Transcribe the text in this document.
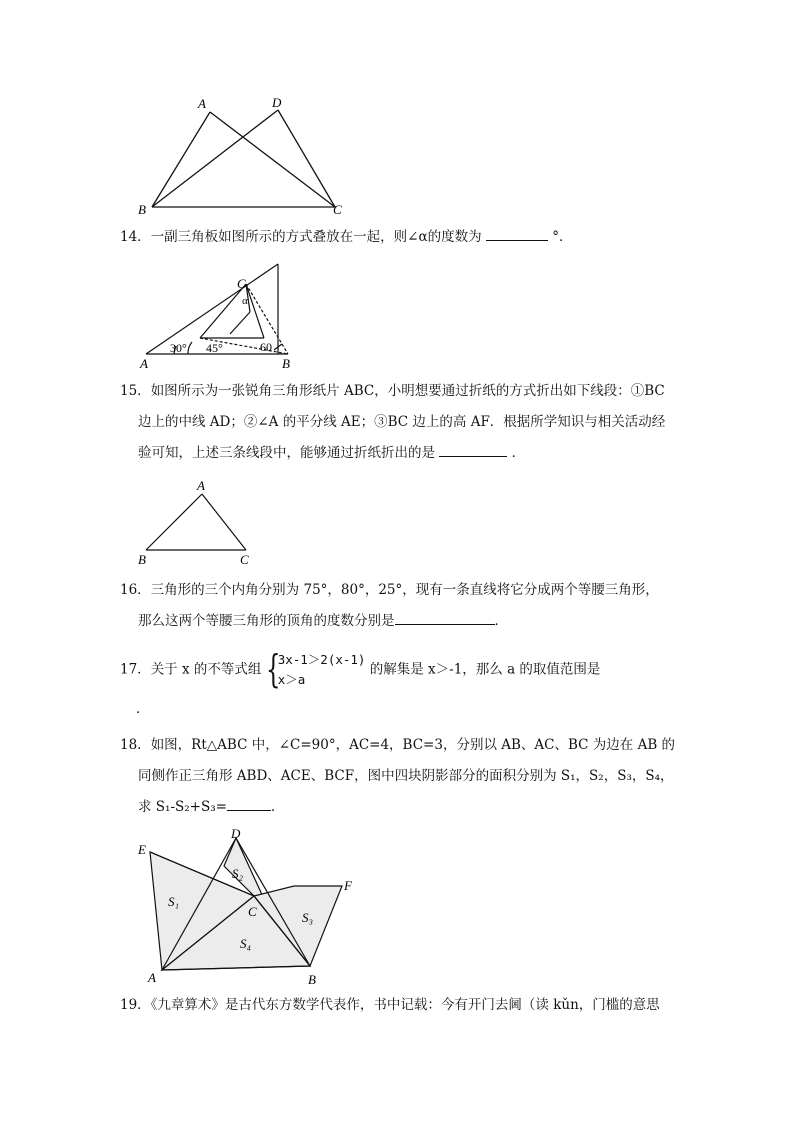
A	D
B	C
14．一副三角板如图所示的方式叠放在一起，则∠α的度数为	°．
C
α
A	B
30° 45°	60
15．如图所示为一张锐角三角形纸片 ABC，小明想要通过折纸的方式折出如下线段：①BC
边上的中线 AD；②∠A 的平分线 AE；③BC 边上的高 AF．根据所学知识与相关活动经
验可知，上述三条线段中，能够通过折纸折出的是	．
A
B	C
16．三角形的三个内角分别为 75°，80°，25°，现有一条直线将它分成两个等腰三角形，
那么这两个等腰三角形的顶角的度数分别是	．
17．关于 x 的不等式组 {
3x-1＞2(x-1)
x＞a
的解集是 x＞-1，那么 a 的取值范围是
．
18．如图，Rt△ABC 中，∠C=90°，AC=4，BC=3，分别以 AB、AC、BC 为边在 AB 的
同侧作正三角形 ABD、ACE、BCF，图中四块阴影部分的面积分别为 S₁，S₂，S₃，S₄，
求 S₁-S₂+S₃=	．
D
E
F
C
A	B
S₁
S₂
S₃
S₄
19．《九章算术》是古代东方数学代表作，书中记载：今有开门去阃（读 kǔn，门槛的意思
